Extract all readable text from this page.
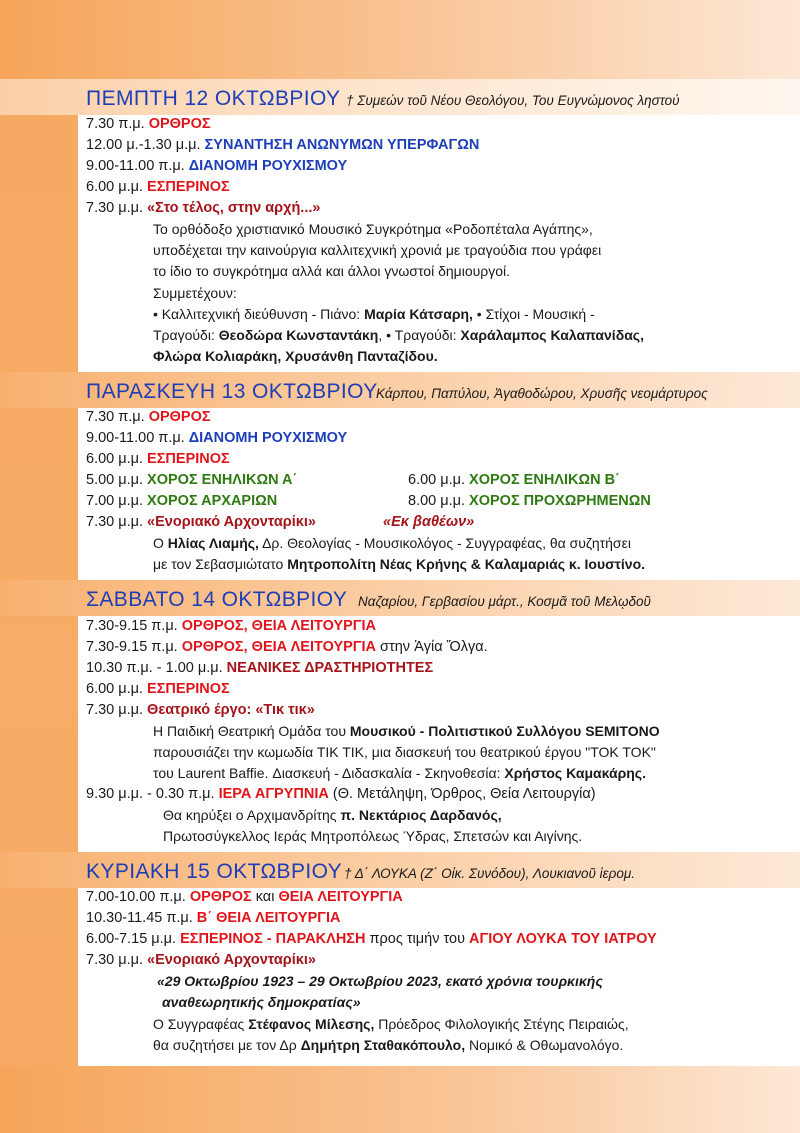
ΠΕΜΠΤΗ 12 ΟΚΤΩΒΡΙΟΥ † Συμεών τοῦ Νέου Θεολόγου, Του Ευγνώμονος ληστού
7.30 π.μ. ΟΡΘΡΟΣ
12.00 μ.-1.30 μ.μ. ΣΥΝΑΝΤΗΣΗ ΑΝΩΝΥΜΩΝ ΥΠΕΡΦΑΓΩΝ
9.00-11.00 π.μ. ΔΙΑΝΟΜΗ ΡΟΥΧΙΣΜΟΥ
6.00 μ.μ. ΕΣΠΕΡΙΝΟΣ
7.30 μ.μ. «Στο τέλος, στην αρχή...»
Το ορθόδοξο χριστιανικό Μουσικό Συγκρότημα «Ροδοπέταλα Αγάπης»,
υποδέχεται την καινούργια καλλιτεχνική χρονιά με τραγούδια που γράφει
το ίδιο το συγκρότημα αλλά και άλλοι γνωστοί δημιουργοί.
Συμμετέχουν:
• Καλλιτεχνική διεύθυνση - Πιάνο: Μαρία Κάτσαρη, • Στίχοι - Μουσική -
Τραγούδι: Θεοδώρα Κωνσταντάκη, • Τραγούδι: Χαράλαμπος Καλαπανίδας,
Φλώρα Κολιαράκη, Χρυσάνθη Πανταζίδου.
ΠΑΡΑΣΚΕΥΗ 13 ΟΚΤΩΒΡΙΟΥ
Κάρπου, Παπύλου, Ἀγαθοδώρου, Χρυσῆς νεομάρτυρος
7.30 π.μ. ΟΡΘΡΟΣ
9.00-11.00 π.μ. ΔΙΑΝΟΜΗ ΡΟΥΧΙΣΜΟΥ
6.00 μ.μ. ΕΣΠΕΡΙΝΟΣ
5.00 μ.μ. ΧΟΡΟΣ ΕΝΗΛΙΚΩΝ Α΄	6.00 μ.μ. ΧΟΡΟΣ ΕΝΗΛΙΚΩΝ Β΄
7.00 μ.μ. ΧΟΡΟΣ ΑΡΧΑΡΙΩΝ	8.00 μ.μ. ΧΟΡΟΣ ΠΡΟΧΩΡΗΜΕΝΩΝ
7.30 μ.μ. «Ενοριακό Αρχονταρίκι»	«Εκ βαθέων»
Ο Ηλίας Λιαμής, Δρ. Θεολογίας - Μουσικολόγος - Συγγραφέας, θα συζητήσει
με τον Σεβασμιώτατο Μητροπολίτη Νέας Κρήνης & Καλαμαριάς κ. Ιουστίνο.
ΣΑΒΒΑΤΟ 14 ΟΚΤΩΒΡΙΟΥ Ναζαρίου, Γερβασίου μάρτ., Κοσμᾶ τοῦ Μελῳδοῦ
7.30-9.15 π.μ. ΟΡΘΡΟΣ, ΘΕΙΑ ΛΕΙΤΟΥΡΓΙΑ
7.30-9.15 π.μ. ΟΡΘΡΟΣ, ΘΕΙΑ ΛΕΙΤΟΥΡΓΙΑ στην Ἁγία Ὄλγα.
10.30 π.μ. - 1.00 μ.μ. ΝΕΑΝΙΚΕΣ ΔΡΑΣΤΗΡΙΟΤΗΤΕΣ
6.00 μ.μ. ΕΣΠΕΡΙΝΟΣ
7.30 μ.μ. Θεατρικό έργο: «Τικ τικ»
Η Παιδική Θεατρική Ομάδα του Μουσικού - Πολιτιστικού Συλλόγου SEMITONO
παρουσιάζει την κωμωδία ΤΙΚ ΤΙΚ, μια διασκευή του θεατρικού έργου "ΤΟΚ ΤΟΚ"
του Laurent Baffie. Διασκευή - Διδασκαλία - Σκηνοθεσία: Χρήστος Καμακάρης.
9.30 μ.μ. - 0.30 π.μ. ΙΕΡΑ ΑΓΡΥΠΝΙΑ (Θ. Μετάληψη, Όρθρος, Θεία Λειτουργία)
Θα κηρύξει ο Αρχιμανδρίτης π. Νεκτάριος Δαρδανός,
Πρωτοσύγκελλος Ιεράς Μητροπόλεως Ύδρας, Σπετσών και Αιγίνης.
ΚΥΡΙΑΚΗ 15 ΟΚΤΩΒΡΙΟΥ † Δ΄ ΛΟΥΚΑ (Ζ΄ Οἰκ. Συνόδου), Λουκιανοῦ ἱερομ.
7.00-10.00 π.μ. ΟΡΘΡΟΣ και ΘΕΙΑ ΛΕΙΤΟΥΡΓΙΑ
10.30-11.45 π.μ. Β΄ ΘΕΙΑ ΛΕΙΤΟΥΡΓΙΑ
6.00-7.15 μ.μ. ΕΣΠΕΡΙΝΟΣ - ΠΑΡΑΚΛΗΣΗ προς τιμήν του ΑΓΙΟΥ ΛΟΥΚΑ ΤΟΥ ΙΑΤΡΟΥ
7.30 μ.μ. «Ενοριακό Αρχονταρίκι»
«29 Οκτωβρίου 1923 – 29 Οκτωβρίου 2023, εκατό χρόνια τουρκικής
αναθεωρητικής δημοκρατίας»
Ο Συγγραφέας Στέφανος Μίλεσης, Πρόεδρος Φιλολογικής Στέγης Πειραιώς,
θα συζητήσει με τον Δρ Δημήτρη Σταθακόπουλο, Νομικό & Οθωμανολόγο.
